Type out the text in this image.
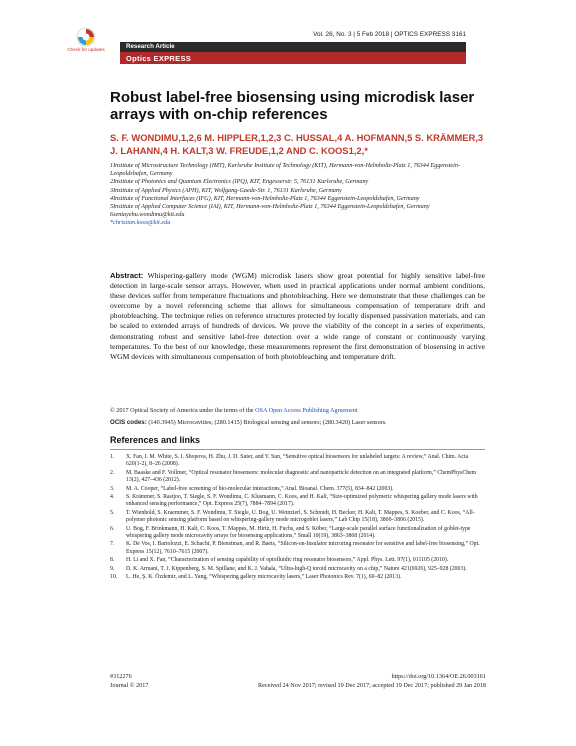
Check for updates
Vol. 26, No. 3 | 5 Feb 2018 | OPTICS EXPRESS 3161
Research Article
Optics EXPRESS
Robust label-free biosensing using microdisk laser arrays with on-chip references
S. F. WONDIMU,1,2,6 M. HIPPLER,1,2,3 C. HUSSAL,4 A. HOFMANN,5 S. KRÄMMER,3 J. LAHANN,4 H. KALT,3 W. FREUDE,1,2 AND C. KOOS1,2,*
1Institute of Microstructure Technology (IMT), Karlsruhe Institute of Technology (KIT), Hermann-von-Helmholtz-Platz 1, 76344 Eggenstein-Leopoldshafen, Germany
2Institute of Photonics and Quantum Electronics (IPQ), KIT, Engesserstr. 5, 76131 Karlsruhe, Germany
3Institute of Applied Physics (APH), KIT, Wolfgang-Gaede-Str. 1, 76131 Karlsruhe, Germany
4Institute of Functional Interfaces (IFG), KIT, Hermann-von-Helmholtz-Platz 1, 76344 Eggenstein-Leopoldshafen, Germany
5Institute of Applied Computer Science (IAI), KIT, Hermann-von-Helmholtz-Platz 1, 76344 Eggenstein-Leopoldshafen, Germany
6sentayehu.wondimu@kit.edu
*christian.koos@kit.edu
Abstract: Whispering-gallery mode (WGM) microdisk lasers show great potential for highly sensitive label-free detection in large-scale sensor arrays. However, when used in practical applications under normal ambient conditions, these devices suffer from temperature fluctuations and photobleaching. Here we demonstrate that these challenges can be overcome by a novel referencing scheme that allows for simultaneous compensation of temperature drift and photobleaching. The technique relies on reference structures protected by locally dispensed passivation materials, and can be scaled to extended arrays of hundreds of devices. We prove the viability of the concept in a series of experiments, demonstrating robust and sensitive label-free detection over a wide range of constant or continuously varying temperatures. To the best of our knowledge, these measurements represent the first demonstration of biosensing in active WGM devices with simultaneous compensation of both photobleaching and temperature drift.
© 2017 Optical Society of America under the terms of the OSA Open Access Publishing Agreement
OCIS codes: (140.3945) Microcavities; (280.1415) Biological sensing and sensors; (280.3420) Laser sensors.
References and links
1.	X. Fan, I. M. White, S. I. Shopova, H. Zhu, J. D. Suter, and Y. Sun, “Sensitive optical biosensors for unlabeled targets: A review,” Anal. Chim. Acta 620(1-2), 8–26 (2008).
2.	M. Baaske and F. Vollmer, “Optical resonator biosensors: molecular diagnostic and nanoparticle detection on an integrated platform,” ChemPhysChem 13(2), 427–436 (2012).
3.	M. A. Cooper, “Label-free screening of bio-molecular interactions,” Anal. Bioanal. Chem. 377(5), 834–842 (2003).
4.	S. Krämmer, S. Rastjoo, T. Siegle, S. F. Wondimu, C. Klusmann, C. Koos, and H. Kalt, “Size-optimized polymeric whispering gallery mode lasers with enhanced sensing performance,” Opt. Express 25(7), 7884–7894 (2017).
5.	T. Wienhold, S. Kraemmer, S. F. Wondimu, T. Siegle, U. Bog, U. Weinzierl, S. Schmidt, H. Becker, H. Kalt, T. Mappes, S. Koeber, and C. Koos, “All-polymer photonic sensing platform based on whispering-gallery mode microgoblet lasers,” Lab Chip 15(18), 3800–3806 (2015).
6.	U. Bog, F. Brinkmann, H. Kalt, C. Koos, T. Mappes, M. Hirtz, H. Fuchs, and S. Köber, “Large-scale parallel surface functionalization of goblet-type whispering gallery mode microcavity arrays for biosensing applications,” Small 10(19), 3863–3868 (2014).
7.	K. De Vos, I. Bartolozzi, E. Schacht, P. Bienstman, and R. Baets, “Silicon-on-Insulator microring resonator for sensitive and label-free biosensing,” Opt. Express 15(12), 7610–7615 (2007).
8.	H. Li and X. Fan, “Characterization of sensing capability of optofluidic ring resonator biosensors,” Appl. Phys. Lett. 97(1), 011105 (2010).
9.	D. K. Armani, T. J. Kippenberg, S. M. Spillane, and K. J. Vahala, “Ultra-high-Q toroid microcavity on a chip,” Nature 421(6926), 925–928 (2003).
10.	L. He, Ş. K. Özdemir, and L. Yang, “Whispering gallery microcavity lasers,” Laser Photonics Rev. 7(1), 60–82 (2013).
#312276
Journal © 2017
https://doi.org/10.1364/OE.26.003161
Received 24 Nov 2017; revised 19 Dec 2017; accepted 19 Dec 2017; published 29 Jan 2018
